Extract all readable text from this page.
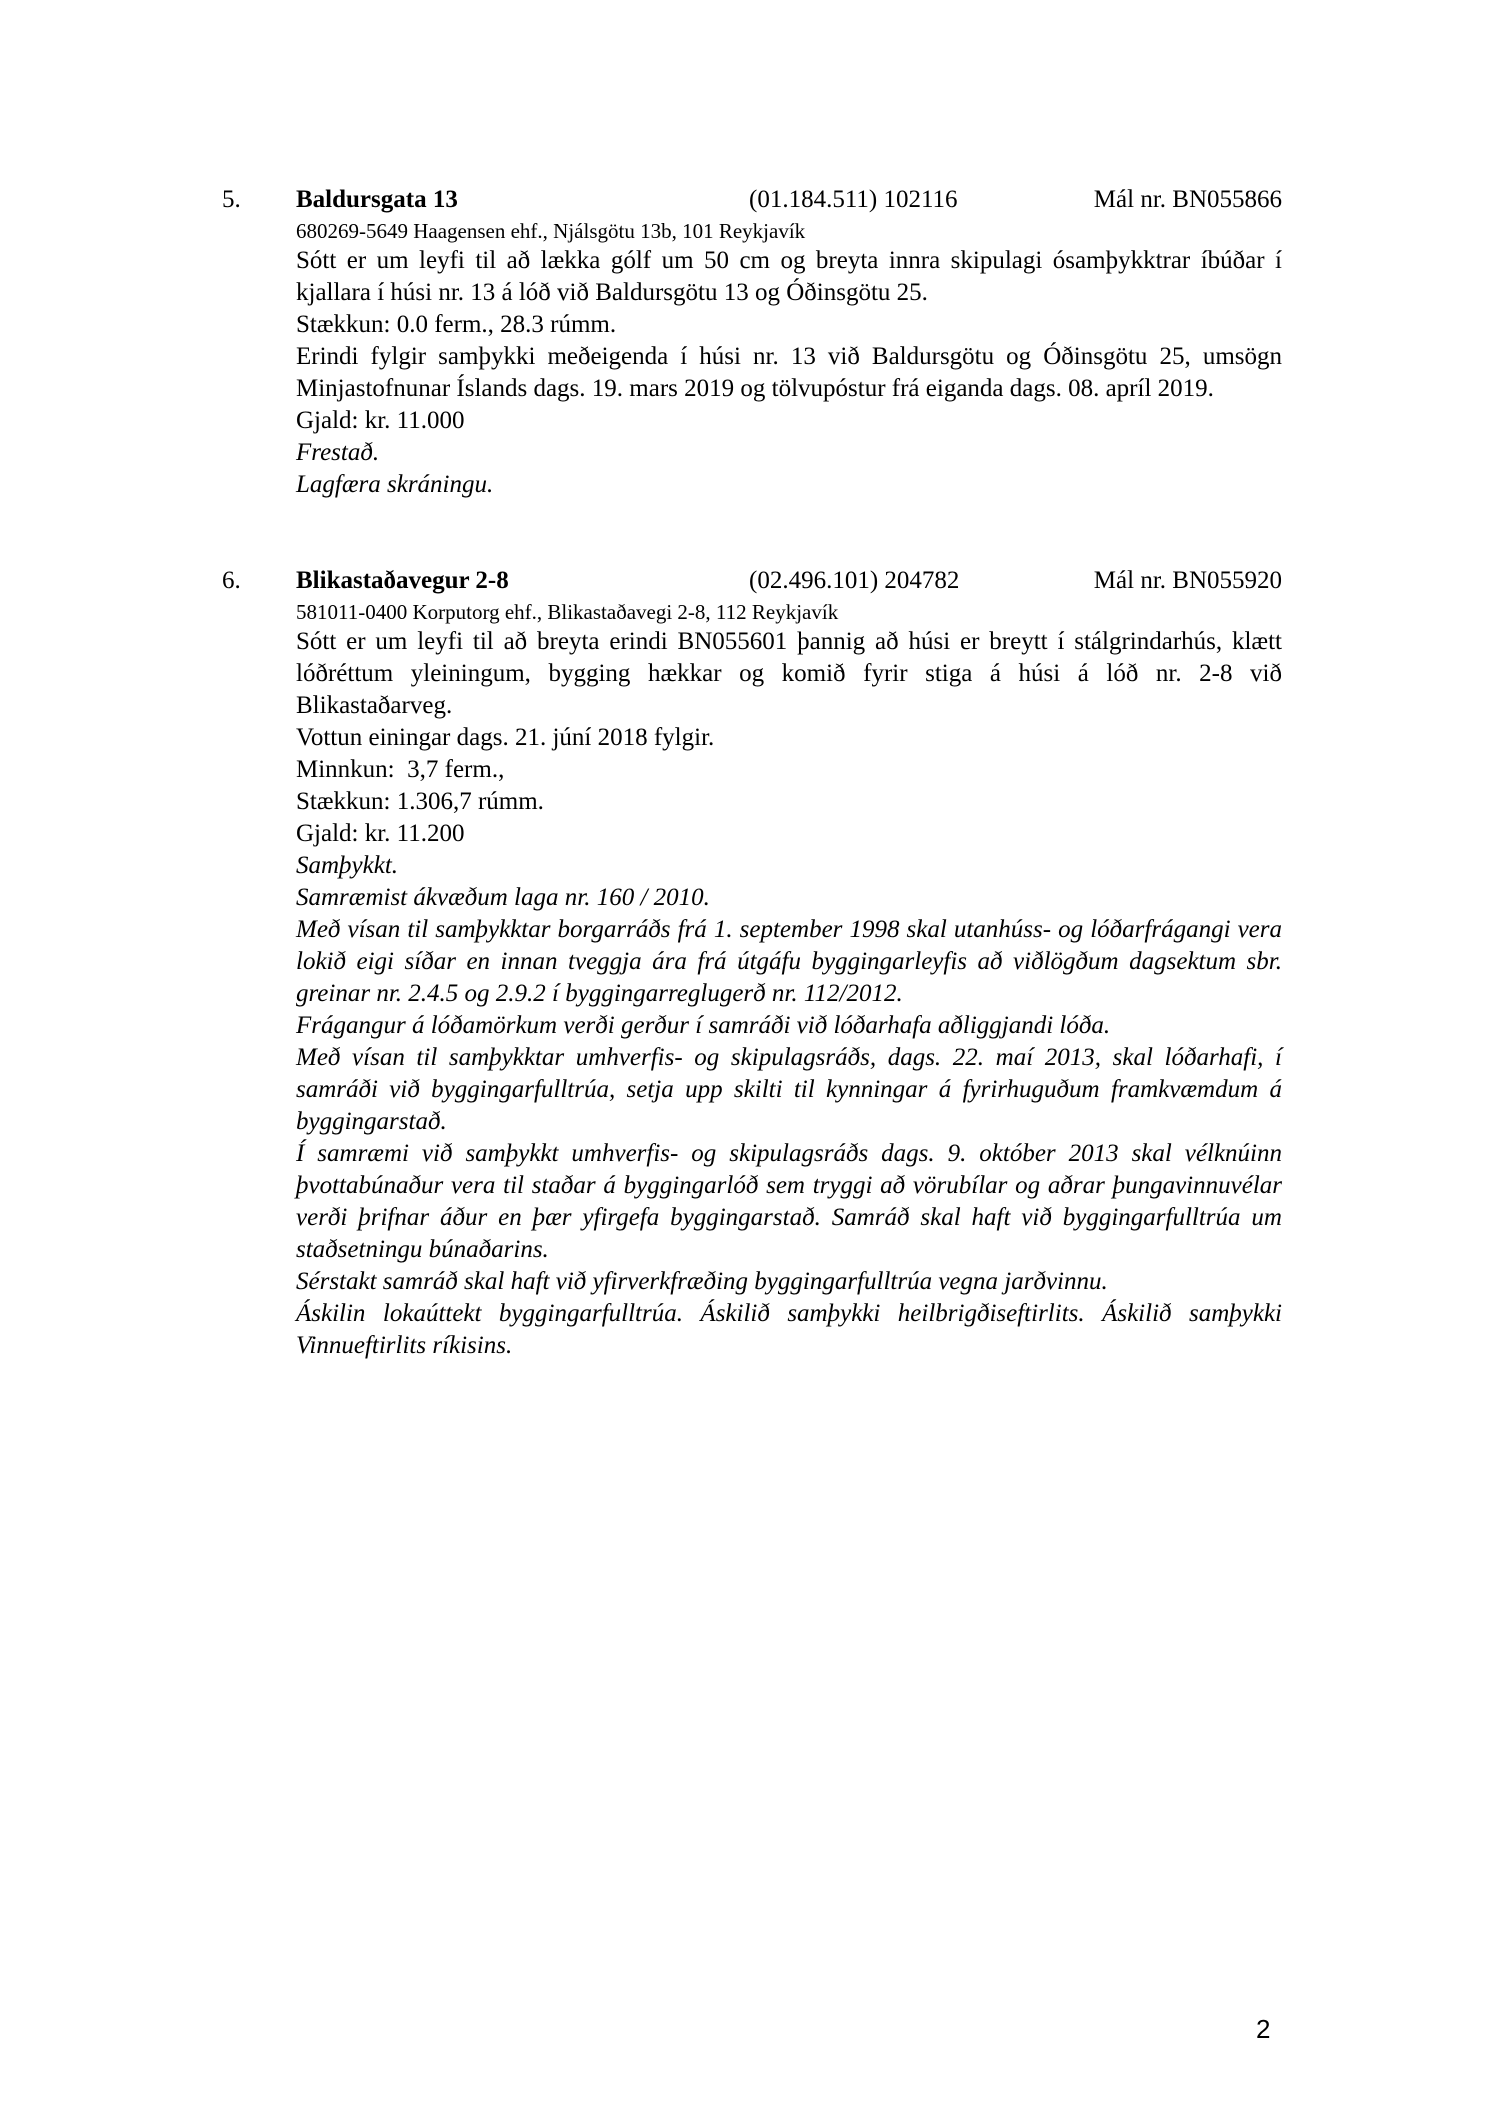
5. Baldursgata 13	(01.184.511) 102116	Mál nr. BN055866
680269-5649 Haagensen ehf., Njálsgötu 13b, 101 Reykjavík

Sótt er um leyfi til að lækka gólf um 50 cm og breyta innra skipulagi ósamþykktrar íbúðar í kjallara í húsi nr. 13 á lóð við Baldursgötu 13 og Óðinsgötu 25.

Stækkun: 0.0 ferm., 28.3 rúmm.

Erindi fylgir samþykki meðeigenda í húsi nr. 13 við Baldursgötu og Óðinsgötu 25, umsögn Minjastofnunar Íslands dags. 19. mars 2019 og tölvupóstur frá eiganda dags. 08. apríl 2019.

Gjald: kr. 11.000

Frestað.

Lagfæra skráningu.

6. Blikastaðavegur 2-8	(02.496.101) 204782	Mál nr. BN055920
581011-0400 Korputorg ehf., Blikastaðavegi 2-8, 112 Reykjavík

Sótt er um leyfi til að breyta erindi BN055601 þannig að húsi er breytt í stálgrindarhús, klætt lóðréttum yleiningum, bygging hækkar og komið fyrir stiga á húsi á lóð nr. 2-8 við Blikastaðarveg.

Vottun einingar dags. 21. júní 2018 fylgir.

Minnkun:  3,7 ferm.,

Stækkun: 1.306,7 rúmm.

Gjald: kr. 11.200

Samþykkt.

Samræmist ákvæðum laga nr. 160 / 2010.

Með vísan til samþykktar borgarráðs frá 1. september 1998 skal utanhúss- og lóðarfrágangi vera lokið eigi síðar en innan tveggja ára frá útgáfu byggingarleyfis að viðlögðum dagsektum sbr. greinar nr. 2.4.5 og 2.9.2 í byggingarreglugerð nr. 112/2012.

Frágangur á lóðamörkum verði gerður í samráði við lóðarhafa aðliggjandi lóða.

Með vísan til samþykktar umhverfis- og skipulagsráðs, dags. 22. maí 2013, skal lóðarhafi, í samráði við byggingarfulltrúa, setja upp skilti til kynningar á fyrirhuguðum framkvæmdum á byggingarstað.

Í samræmi við samþykkt umhverfis- og skipulagsráðs dags. 9. október 2013 skal vélknúinn þvottabúnaður vera til staðar á byggingarlóð sem tryggi að vörubílar og aðrar þungavinnuvélar verði þrifnar áður en þær yfirgefa byggingarstað. Samráð skal haft við byggingarfulltrúa um staðsetningu búnaðarins.

Sérstakt samráð skal haft við yfirverkfræðing byggingarfulltrúa vegna jarðvinnu.

Áskilin lokaúttekt byggingarfulltrúa. Áskilið samþykki heilbrigðiseftirlits. Áskilið samþykki Vinnueftirlits ríkisins.

2
